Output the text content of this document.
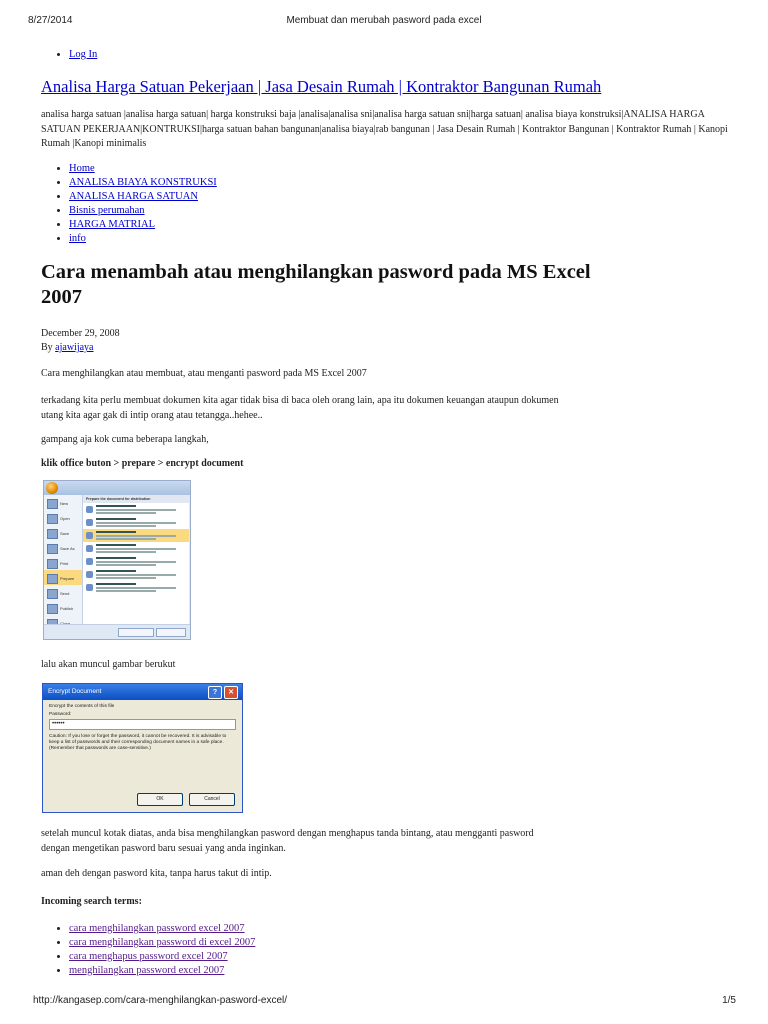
8/27/2014	Membuat dan merubah pasword pada excel
• Log In
Analisa Harga Satuan Pekerjaan | Jasa Desain Rumah | Kontraktor Bangunan Rumah
analisa harga satuan |analisa harga satuan| harga konstruksi baja |analisa|analisa sni|analisa harga satuan sni|harga satuan| analisa biaya konstruksi|ANALISA HARGA SATUAN PEKERJAAN|KONTRUKSI|harga satuan bahan bangunan|analisa biaya|rab bangunan | Jasa Desain Rumah | Kontraktor Bangunan | Kontraktor Rumah | Kanopi Rumah |Kanopi minimalis
• Home
• ANALISA BIAYA KONSTRUKSI
• ANALISA HARGA SATUAN
• Bisnis perumahan
• HARGA MATRIAL
• info
Cara menambah atau menghilangkan pasword pada MS Excel 2007
December 29, 2008
By ajawijaya
Cara menghilangkan atau membuat, atau menganti pasword pada MS Excel 2007
terkadang kita perlu membuat dokumen kita agar tidak bisa di baca oleh orang lain, apa itu dokumen keuangan ataupun dokumen utang kita agar gak di intip orang atau tetangga..hehee..
gampang aja kok cuma beberapa langkah,
klik office buton > prepare > encrypt document
New
Open
Save
Save As
Print
Prepare
Send
Publish
Prepare the document for distribution
lalu akan muncul gambar berukut
Encrypt Document	?	✕
Encrypt the contents of this file
Password:
••••••
Caution: If you lose or forget the password, it cannot be recovered. It is advisable to keep a list of passwords and their corresponding document names in a safe place. (Remember that passwords are case-sensitive.)
OK	Cancel
setelah muncul kotak diatas, anda bisa menghilangkan pasword dengan menghapus tanda bintang, atau mengganti pasword dengan mengetikan pasword baru sesuai yang anda inginkan.
aman deh dengan pasword kita, tanpa harus takut di intip.
Incoming search terms:
• cara menghilangkan password excel 2007
• cara menghilangkan password di excel 2007
• cara menghapus password excel 2007
• menghilangkan password excel 2007
http://kangasep.com/cara-menghilangkan-pasword-excel/	1/5
